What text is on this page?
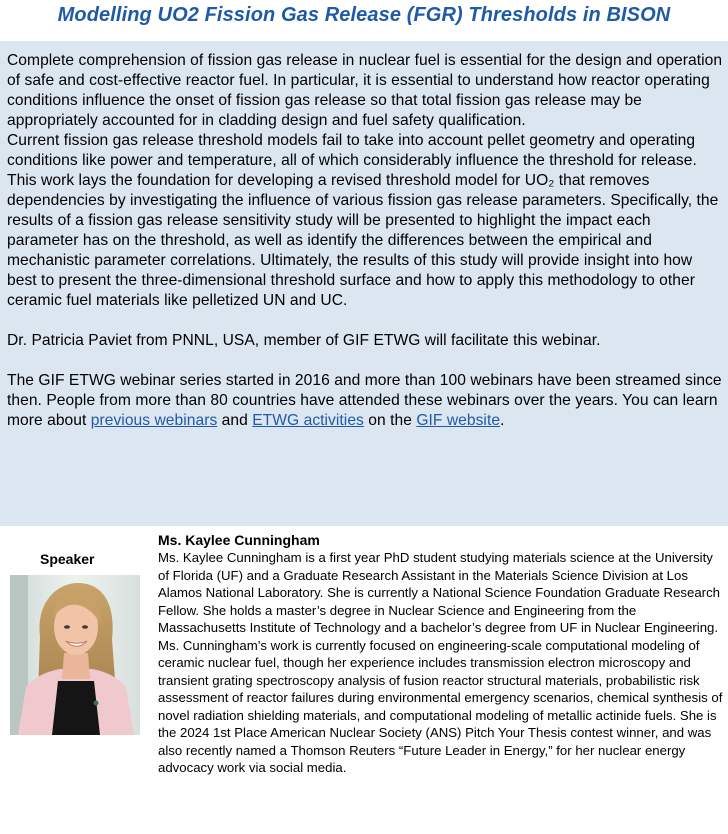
Modelling UO2 Fission Gas Release (FGR) Thresholds in BISON

Complete comprehension of fission gas release in nuclear fuel is essential for the design and operation of safe and cost-effective reactor fuel. In particular, it is essential to understand how reactor operating conditions influence the onset of fission gas release so that total fission gas release may be appropriately accounted for in cladding design and fuel safety qualification.

Current fission gas release threshold models fail to take into account pellet geometry and operating conditions like power and temperature, all of which considerably influence the threshold for release. This work lays the foundation for developing a revised threshold model for UO₂ that removes dependencies by investigating the influence of various fission gas release parameters. Specifically, the results of a fission gas release sensitivity study will be presented to highlight the impact each parameter has on the threshold, as well as identify the differences between the empirical and mechanistic parameter correlations. Ultimately, the results of this study will provide insight into how best to present the three-dimensional threshold surface and how to apply this methodology to other ceramic fuel materials like pelletized UN and UC.

Dr. Patricia Paviet from PNNL, USA, member of GIF ETWG will facilitate this webinar.

The GIF ETWG webinar series started in 2016 and more than 100 webinars have been streamed since then. People from more than 80 countries have attended these webinars over the years. You can learn more about previous webinars and ETWG activities on the GIF website.

Speaker
Ms. Kaylee Cunningham

Ms. Kaylee Cunningham is a first year PhD student studying materials science at the University of Florida (UF) and a Graduate Research Assistant in the Materials Science Division at Los Alamos National Laboratory. She is currently a National Science Foundation Graduate Research Fellow. She holds a master’s degree in Nuclear Science and Engineering from the Massachusetts Institute of Technology and a bachelor’s degree from UF in Nuclear Engineering. Ms. Cunningham’s work is currently focused on engineering-scale computational modeling of ceramic nuclear fuel, though her experience includes transmission electron microscopy and transient grating spectroscopy analysis of fusion reactor structural materials, probabilistic risk assessment of reactor failures during environmental emergency scenarios, chemical synthesis of novel radiation shielding materials, and computational modeling of metallic actinide fuels. She is the 2024 1st Place American Nuclear Society (ANS) Pitch Your Thesis contest winner, and was also recently named a Thomson Reuters “Future Leader in Energy,” for her nuclear energy advocacy work via social media.
